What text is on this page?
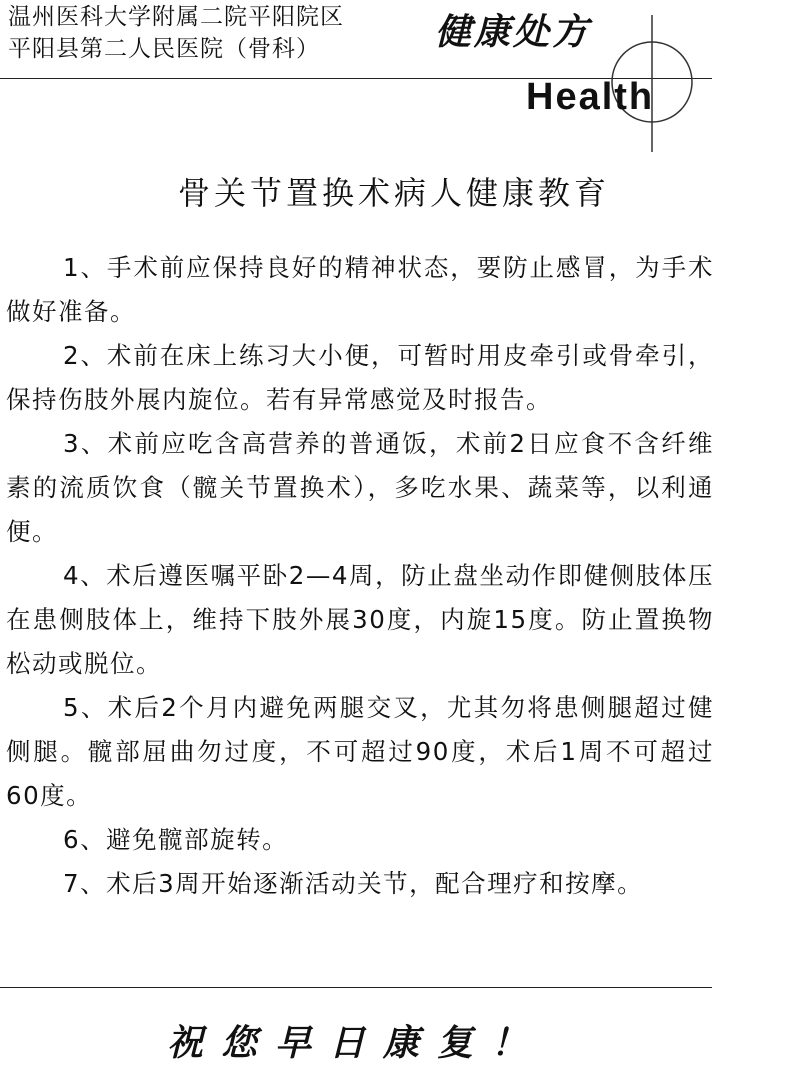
温州医科大学附属二院平阳院区
平阳县第二人民医院（骨科）	健康处方
Health
骨关节置换术病人健康教育

1、手术前应保持良好的精神状态，要防止感冒，为手术做好准备。

2、术前在床上练习大小便，可暂时用皮牵引或骨牵引，保持伤肢外展内旋位。若有异常感觉及时报告。

3、术前应吃含高营养的普通饭，术前2日应食不含纤维素的流质饮食（髋关节置换术），多吃水果、蔬菜等，以利通便。

4、术后遵医嘱平卧2—4周，防止盘坐动作即健侧肢体压在患侧肢体上，维持下肢外展30度，内旋15度。防止置换物松动或脱位。

5、术后2个月内避免两腿交叉，尤其勿将患侧腿超过健侧腿。髋部屈曲勿过度，不可超过90度，术后1周不可超过60度。

6、避免髋部旋转。

7、术后3周开始逐渐活动关节，配合理疗和按摩。

祝您早日康复！
